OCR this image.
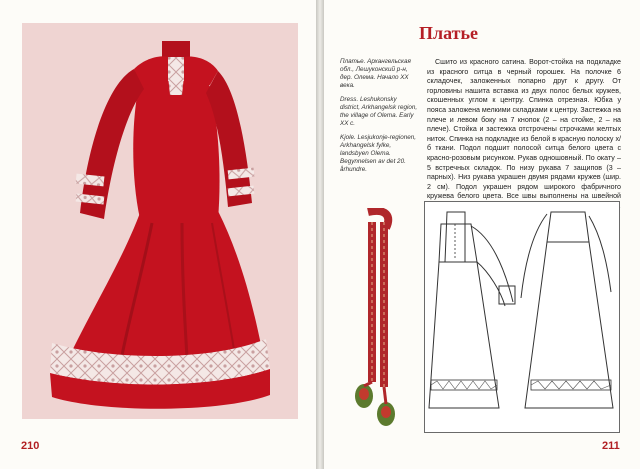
210
Платье

Платье. Архангельская обл., Лешуконский р-н, дер. Олема. Начало XX века.

Dress. Leshukonsky district, Arkhangelsk region, the village of Olema. Early XX c.

Kjole. Lesjukonje-regionen, Arkhangelsk fylke, landsbyen Olema. Begynnelsen av det 20. århundre.

Сшито из красного сатина. Ворот-стойка на подкладке из красного ситца в черный горошек. На полочке 6 складочек, заложенных попарно друг к другу. От горловины нашита вставка из двух полос белых кружев, скошенных углом к центру. Спинка отрезная. Юбка у пояса заложена мелкими складками к центру. Застежка на плече и левом боку на 7 кнопок (2 – на стойке, 2 – на плече). Стойка и застежка отстрочены строчками желтых ниток. Спинка на подкладке из белой в красную полоску х/б ткани. Подол подшит полосой ситца белого цвета с красно-розовым рисунком. Рукав одношовный. По окату – 5 встречных складок. По низу рукава 7 защипов (3 – парных). Низ рукава украшен двумя рядами кружев (шир. 2 см). Подол украшен рядом широкого фабричного кружева белого цвета. Все швы выполнены на швейной

211
